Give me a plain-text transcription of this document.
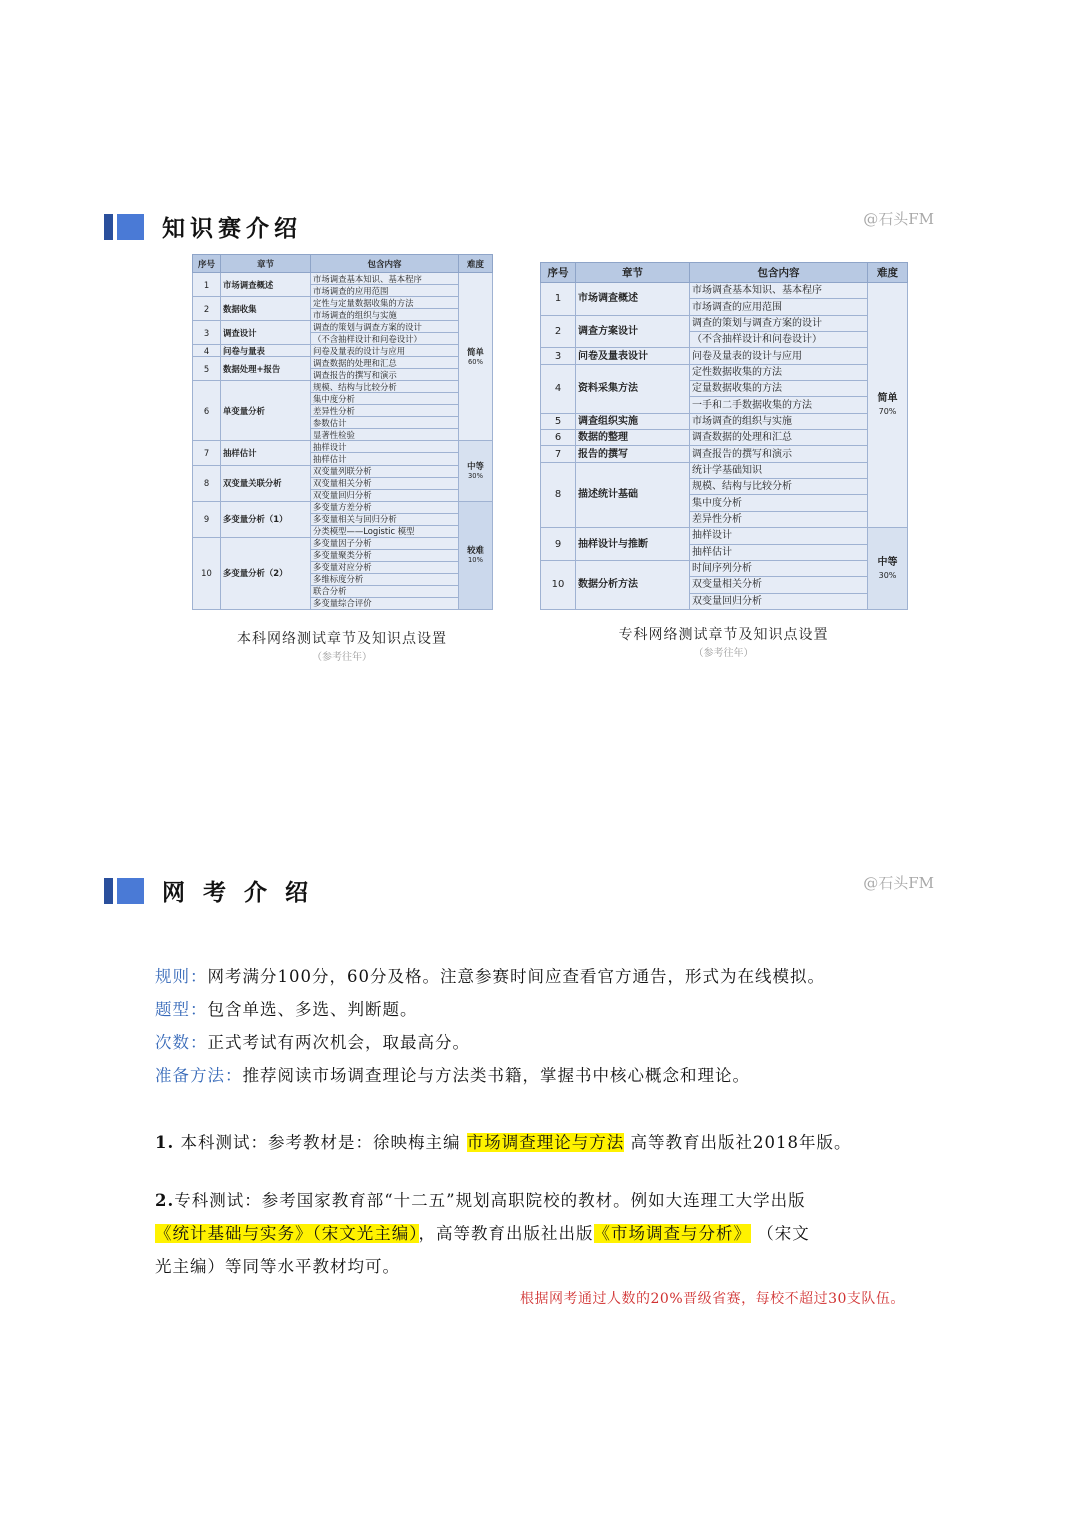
知识赛介绍	@石头FM
序号	章节	包含内容	难度
1	市场调查概述	市场调查基本知识、基本程序	简单
60%

		市场调查的应用范围	
2	数据收集	定性与定量数据收集的方法	
		市场调查的组织与实施	
3	调查设计	调查的策划与调查方案的设计	
		（不含抽样设计和问卷设计）	
4	问卷与量表	问卷及量表的设计与应用	
5	数据处理+报告	调查数据的处理和汇总	
		调查报告的撰写和演示	
6	单变量分析	规模、结构与比较分析	
		集中度分析	
		差异性分析	
		参数估计	
		显著性检验	
7	抽样估计	抽样设计	中等
30%

		抽样估计	
8	双变量关联分析	双变量列联分析	
		双变量相关分析	
		双变量回归分析	
9	多变量分析（1）	多变量方差分析	较难
10%

		多变量相关与回归分析	
		分类模型——Logistic 模型	
10	多变量分析（2）	多变量因子分析	
		多变量聚类分析	
		多变量对应分析	
		多维标度分析	
		联合分析	
		多变量综合评价	
本科网络测试章节及知识点设置
（参考往年）
序号	章节	包含内容	难度
1	市场调查概述	市场调查基本知识、基本程序	简单
70%

		市场调查的应用范围	
2	调查方案设计	调查的策划与调查方案的设计	
		（不含抽样设计和问卷设计）	
3	问卷及量表设计	问卷及量表的设计与应用	
4	资料采集方法	定性数据收集的方法	
		定量数据收集的方法	
		一手和二手数据收集的方法	
5	调查组织实施	市场调查的组织与实施	
6	数据的整理	调查数据的处理和汇总	
7	报告的撰写	调查报告的撰写和演示	
8	描述统计基础	统计学基础知识	
		规模、结构与比较分析	
		集中度分析	
		差异性分析	
9	抽样设计与推断	抽样设计	中等
30%

		抽样估计	
10	数据分析方法	时间序列分析	
		双变量相关分析	
		双变量回归分析	
专科网络测试章节及知识点设置
（参考往年）
网 考 介 绍	@石头FM
规则：网考满分100分，60分及格。注意参赛时间应查看官方通告，形式为在线模拟。
题型：包含单选、多选、判断题。
次数：正式考试有两次机会，取最高分。
准备方法：推荐阅读市场调查理论与方法类书籍，掌握书中核心概念和理论。
1. 本科测试：参考教材是：徐映梅主编 市场调查理论与方法 高等教育出版社2018年版。
2.专科测试：参考国家教育部“十二五”规划高职院校的教材。例如大连理工大学出版
《统计基础与实务》（宋文光主编），高等教育出版社出版《市场调查与分析》 （宋文
光主编）等同等水平教材均可。
根据网考通过人数的20%晋级省赛，每校不超过30支队伍。
